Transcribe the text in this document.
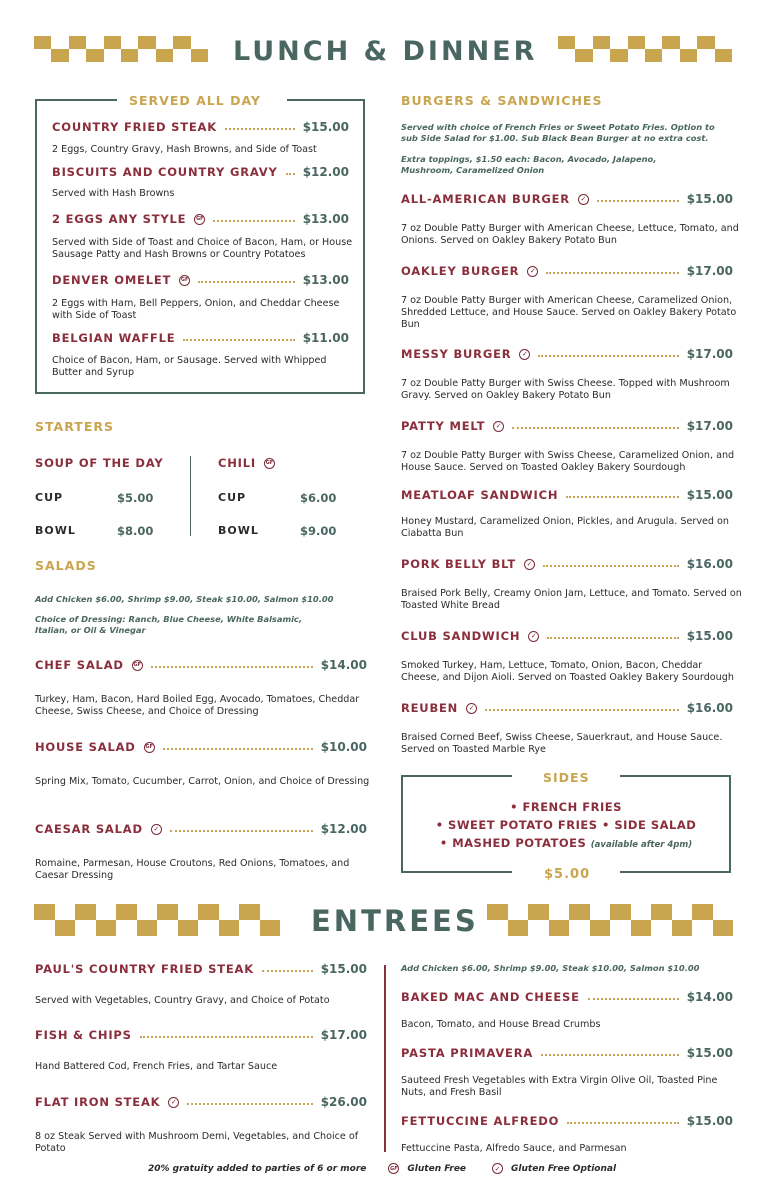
LUNCH & DINNER
SERVED ALL DAY
COUNTRY FRIED STEAK	$15.00
2 Eggs, Country Gravy, Hash Browns, and Side of Toast
BISCUITS AND COUNTRY GRAVY $12.00
Served with Hash Browns
2 EGGS ANY STYLE	GF	$13.00
Served with Side of Toast and Choice of Bacon, Ham, or House Sausage Patty and Hash Browns or Country Potatoes
DENVER OMELET	GF	$13.00
2 Eggs with Ham, Bell Peppers, Onion, and Cheddar Cheese with Side of Toast
BELGIAN WAFFLE	$11.00
Choice of Bacon, Ham, or Sausage. Served with Whipped Butter and Syrup
STARTERS
SOUP OF THE DAY
CUP	$5.00
BOWL	$8.00
CHILI	GF
CUP	$6.00
BOWL	$9.00
SALADS
Add Chicken $6.00, Shrimp $9.00, Steak $10.00, Salmon $10.00
Choice of Dressing: Ranch, Blue Cheese, White Balsamic, Italian, or Oil & Vinegar
CHEF SALAD	GF	$14.00
Turkey, Ham, Bacon, Hard Boiled Egg, Avocado, Tomatoes, Cheddar Cheese, Swiss Cheese, and Choice of Dressing
HOUSE SALAD	GF	$10.00
Spring Mix, Tomato, Cucumber, Carrot, Onion, and Choice of Dressing
CAESAR SALAD	✓	$12.00
Romaine, Parmesan, House Croutons, Red Onions, Tomatoes, and Caesar Dressing
BURGERS & SANDWICHES
Served with choice of French Fries or Sweet Potato Fries. Option to sub Side Salad for $1.00. Sub Black Bean Burger at no extra cost.
Extra toppings, $1.50 each: Bacon, Avocado, Jalapeno, Mushroom, Caramelized Onion
ALL-AMERICAN BURGER	✓	$15.00
7 oz Double Patty Burger with American Cheese, Lettuce, Tomato, and Onions. Served on Oakley Bakery Potato Bun
OAKLEY BURGER	✓	$17.00
7 oz Double Patty Burger with American Cheese, Caramelized Onion, Shredded Lettuce, and House Sauce. Served on Oakley Bakery Potato Bun
MESSY BURGER	✓	$17.00
7 oz Double Patty Burger with Swiss Cheese. Topped with Mushroom Gravy. Served on Oakley Bakery Potato Bun
PATTY MELT	✓	$17.00
7 oz Double Patty Burger with Swiss Cheese, Caramelized Onion, and House Sauce. Served on Toasted Oakley Bakery Sourdough
MEATLOAF SANDWICH	$15.00
Honey Mustard, Caramelized Onion, Pickles, and Arugula. Served on Ciabatta Bun
PORK BELLY BLT	✓	$16.00
Braised Pork Belly, Creamy Onion Jam, Lettuce, and Tomato. Served on Toasted White Bread
CLUB SANDWICH	✓	$15.00
Smoked Turkey, Ham, Lettuce, Tomato, Onion, Bacon, Cheddar Cheese, and Dijon Aioli. Served on Toasted Oakley Bakery Sourdough
REUBEN	✓	$16.00
Braised Corned Beef, Swiss Cheese, Sauerkraut, and House Sauce. Served on Toasted Marble Rye
SIDES
• FRENCH FRIES
• SWEET POTATO FRIES • SIDE SALAD
• MASHED POTATOES (available after 4pm)
$5.00
ENTREES
PAUL'S COUNTRY FRIED STEAK	$15.00
Served with Vegetables, Country Gravy, and Choice of Potato
FISH & CHIPS	$17.00
Hand Battered Cod, French Fries, and Tartar Sauce
FLAT IRON STEAK	✓	$26.00
8 oz Steak Served with Mushroom Demi, Vegetables, and Choice of Potato
Add Chicken $6.00, Shrimp $9.00, Steak $10.00, Salmon $10.00
BAKED MAC AND CHEESE	$14.00
Bacon, Tomato, and House Bread Crumbs
PASTA PRIMAVERA	$15.00
Sauteed Fresh Vegetables with Extra Virgin Olive Oil, Toasted Pine Nuts, and Fresh Basil
FETTUCCINE ALFREDO	$15.00
Fettuccine Pasta, Alfredo Sauce, and Parmesan
20% gratuity added to parties of 6 or more	GF Gluten Free	✓ Gluten Free Optional
